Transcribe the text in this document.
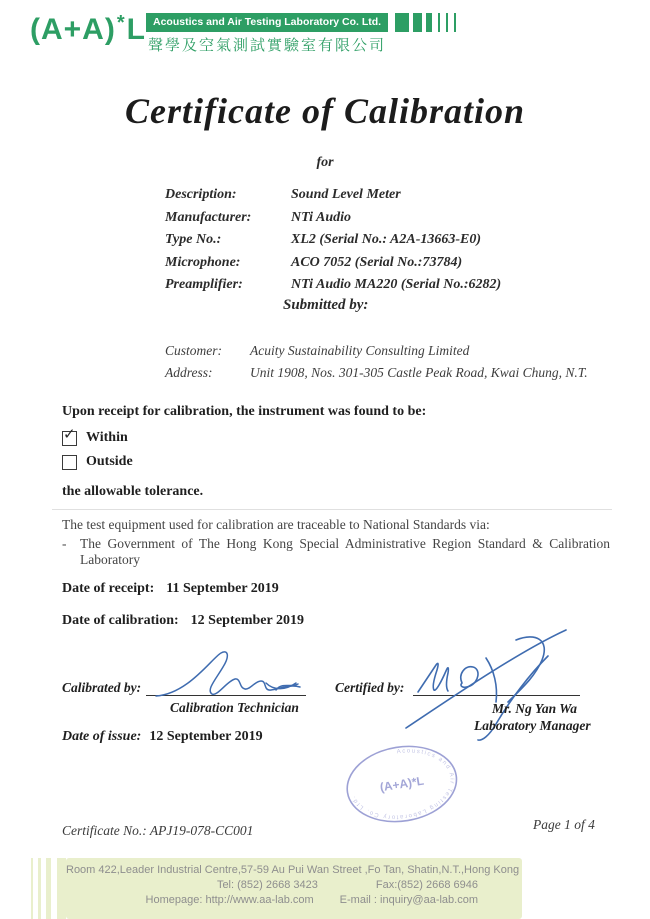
(A+A)*L Acoustics and Air Testing Laboratory Co. Ltd.
聲學及空氣測試實驗室有限公司
Certificate of Calibration
for
Description:	Sound Level Meter
Manufacturer:	NTi Audio
Type No.:	XL2 (Serial No.: A2A-13663-E0)
Microphone:	ACO 7052 (Serial No.:73784)
Preamplifier:	NTi Audio MA220 (Serial No.:6282)
Submitted by:
Customer:	Acuity Sustainability Consulting Limited
Address:	Unit 1908, Nos. 301-305 Castle Peak Road, Kwai Chung, N.T.
Upon receipt for calibration, the instrument was found to be:
✓ Within
Outside
the allowable tolerance.
The test equipment used for calibration are traceable to National Standards via:
-	The Government of The Hong Kong Special Administrative Region Standard & Calibration Laboratory
Date of receipt: 11 September 2019
Date of calibration: 12 September 2019
Calibrated by:
Calibration Technician
Certified by:
Mr. Ng Yan Wa
Laboratory Manager
Date of issue: 12 September 2019
Acoustics and Air Testing Laboratory Co. Ltd.
(A+A)*L
Certificate No.: APJ19-078-CC001	Page 1 of 4
Room 422,Leader Industrial Centre,57-59 Au Pui Wan Street ,Fo Tan, Shatin,N.T.,Hong Kong
Tel: (852) 2668 3423	Fax:(852) 2668 6946
Homepage: http://www.aa-lab.com E-mail : inquiry@aa-lab.com
